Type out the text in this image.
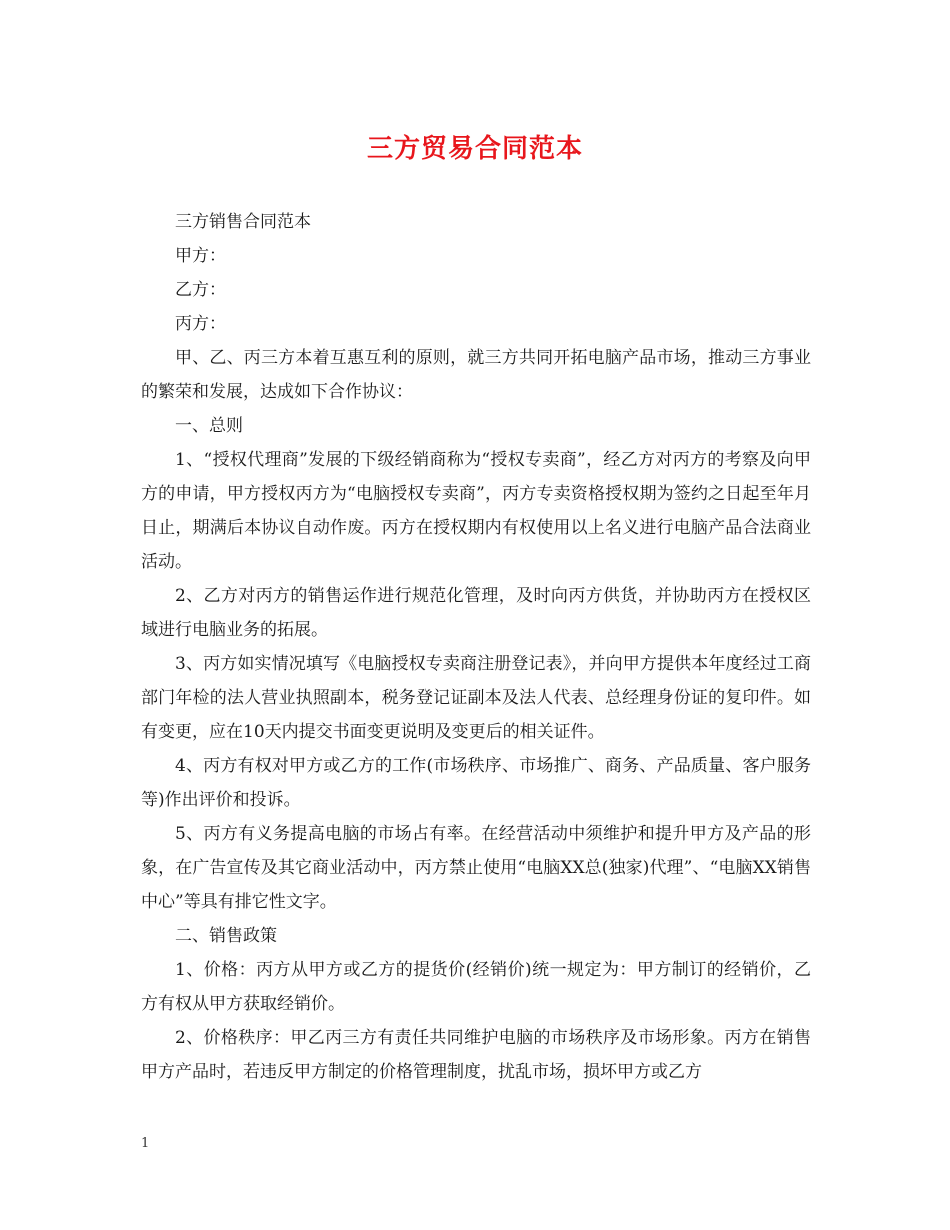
三方贸易合同范本

三方销售合同范本

甲方：

乙方：

丙方：

甲、乙、丙三方本着互惠互利的原则，就三方共同开拓电脑产品市场，推动三方事业的繁荣和发展，达成如下合作协议：

一、总则

1、“授权代理商”发展的下级经销商称为“授权专卖商”，经乙方对丙方的考察及向甲方的申请，甲方授权丙方为“电脑授权专卖商”，丙方专卖资格授权期为签约之日起至年月日止，期满后本协议自动作废。丙方在授权期内有权使用以上名义进行电脑产品合法商业活动。

2、乙方对丙方的销售运作进行规范化管理，及时向丙方供货，并协助丙方在授权区域进行电脑业务的拓展。

3、丙方如实情况填写《电脑授权专卖商注册登记表》，并向甲方提供本年度经过工商部门年检的法人营业执照副本，税务登记证副本及法人代表、总经理身份证的复印件。如有变更，应在10天内提交书面变更说明及变更后的相关证件。

4、丙方有权对甲方或乙方的工作(市场秩序、市场推广、商务、产品质量、客户服务等)作出评价和投诉。

5、丙方有义务提高电脑的市场占有率。在经营活动中须维护和提升甲方及产品的形象，在广告宣传及其它商业活动中，丙方禁止使用“电脑XX总(独家)代理”、“电脑XX销售中心”等具有排它性文字。

二、销售政策

1、价格：丙方从甲方或乙方的提货价(经销价)统一规定为：甲方制订的经销价，乙方有权从甲方获取经销价。

2、价格秩序：甲乙丙三方有责任共同维护电脑的市场秩序及市场形象。丙方在销售甲方产品时，若违反甲方制定的价格管理制度，扰乱市场，损坏甲方或乙方

1
